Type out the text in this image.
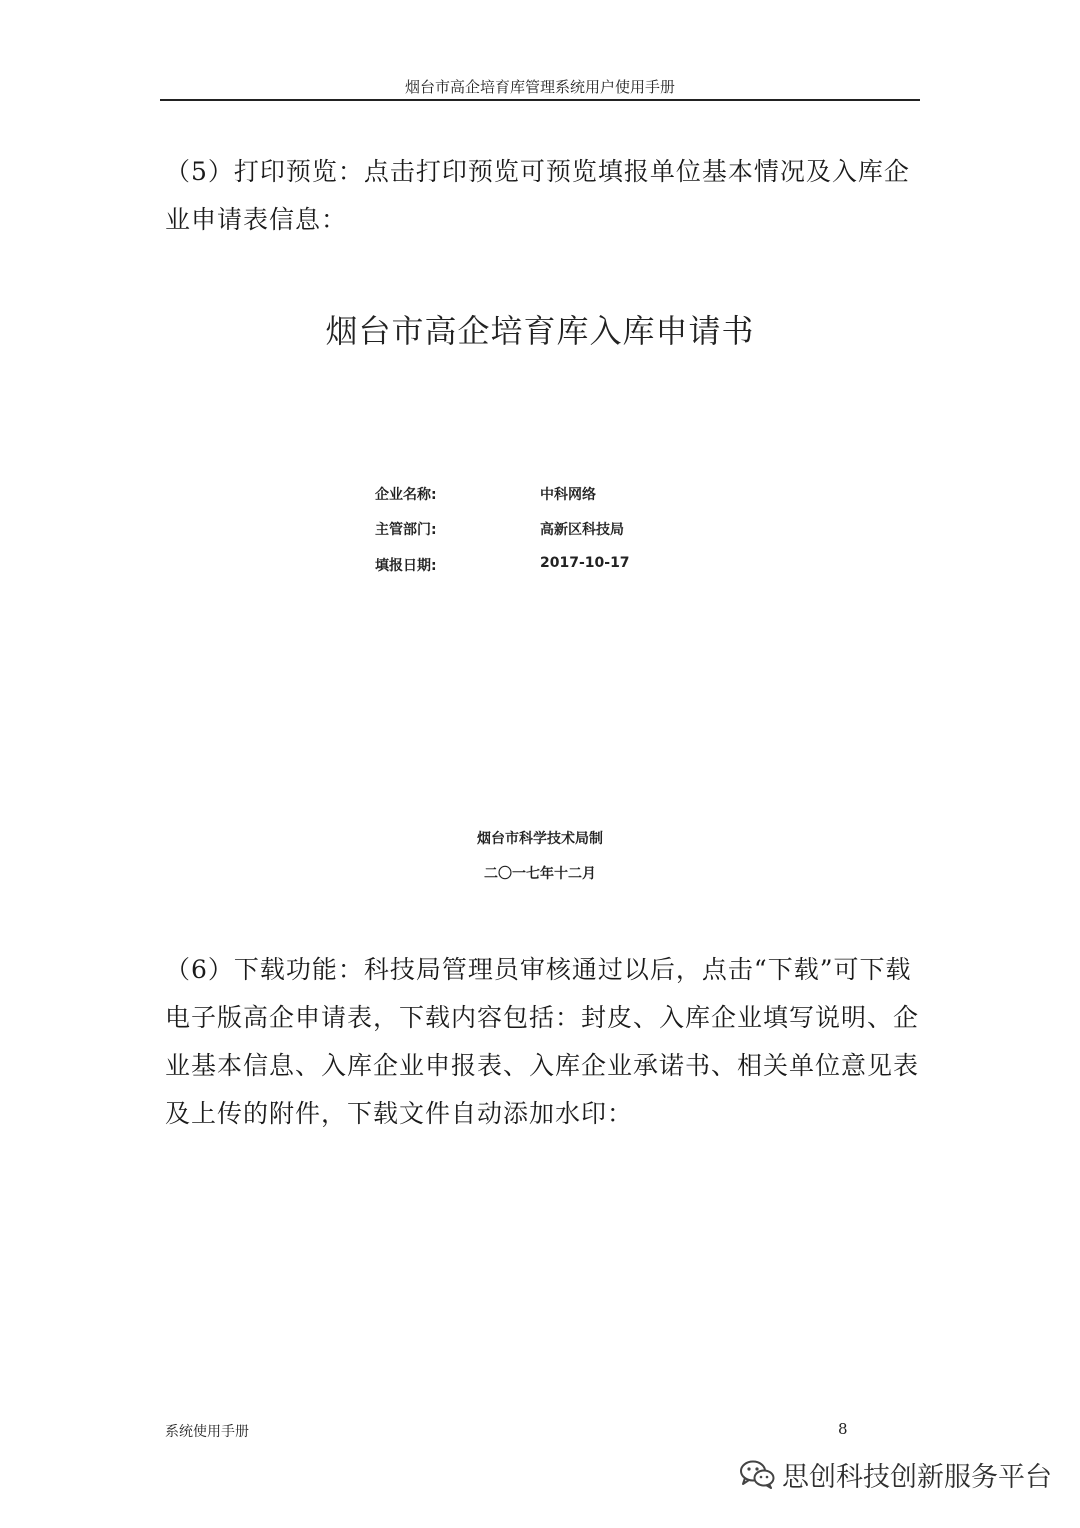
烟台市高企培育库管理系统用户使用手册

（5）打印预览：点击打印预览可预览填报单位基本情况及入库企业申请表信息：

烟台市高企培育库入库申请书
企业名称:	中科网络
主管部门:	高新区科技局
填报日期:	2017-10-17
烟台市科学技术局制
二〇一七年十二月

（6）下载功能：科技局管理员审核通过以后，点击“下载”可下载电子版高企申请表，下载内容包括：封皮、入库企业填写说明、企业基本信息、入库企业申报表、入库企业承诺书、相关单位意见表及上传的附件，下载文件自动添加水印：

系统使用手册	8
思创科技创新服务平台
